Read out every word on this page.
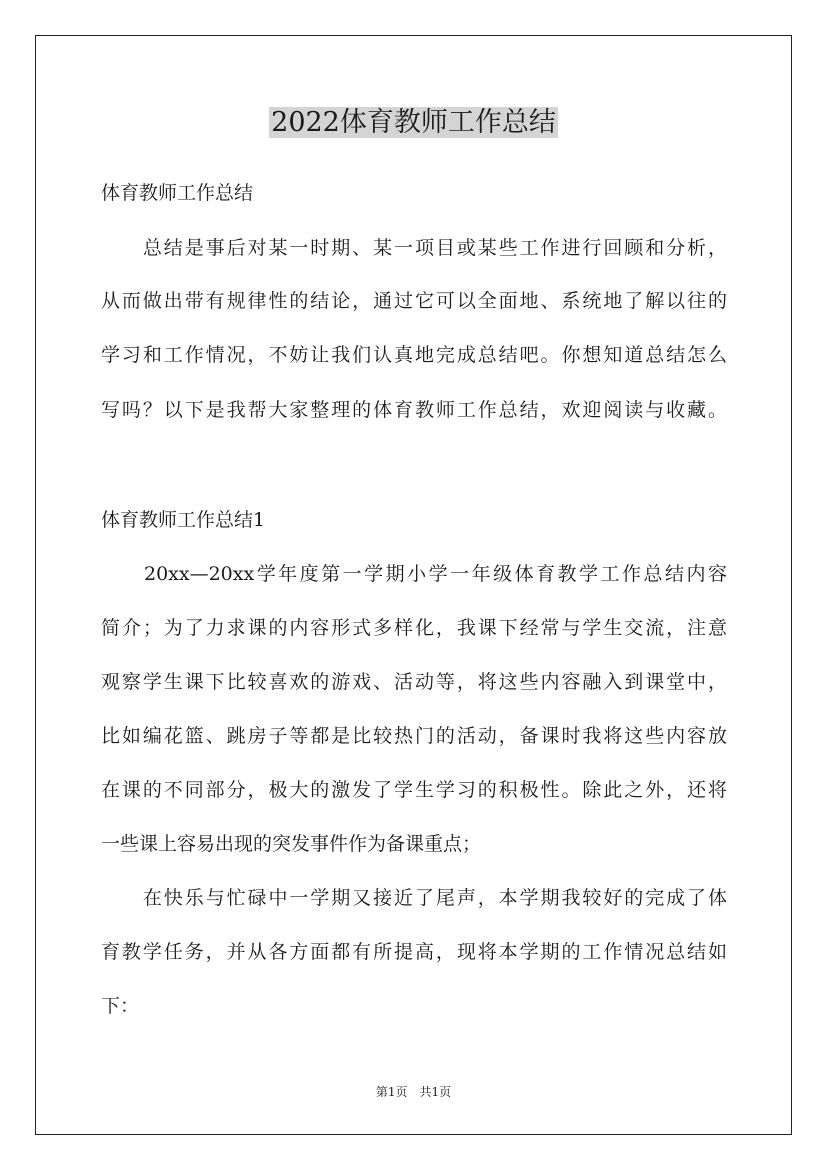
2022体育教师工作总结
体育教师工作总结
　　总结是事后对某一时期、某一项目或某些工作进行回顾和分析，
从而做出带有规律性的结论，通过它可以全面地、系统地了解以往的
学习和工作情况，不妨让我们认真地完成总结吧。你想知道总结怎么
写吗？以下是我帮大家整理的体育教师工作总结，欢迎阅读与收藏。
体育教师工作总结1
　　20xx—20xx学年度第一学期小学一年级体育教学工作总结内容
简介；为了力求课的内容形式多样化，我课下经常与学生交流，注意
观察学生课下比较喜欢的游戏、活动等，将这些内容融入到课堂中，
比如编花篮、跳房子等都是比较热门的活动，备课时我将这些内容放
在课的不同部分，极大的激发了学生学习的积极性。除此之外，还将
一些课上容易出现的突发事件作为备课重点；
　　在快乐与忙碌中一学期又接近了尾声，本学期我较好的完成了体
育教学任务，并从各方面都有所提高，现将本学期的工作情况总结如
下：
第1页　共1页
